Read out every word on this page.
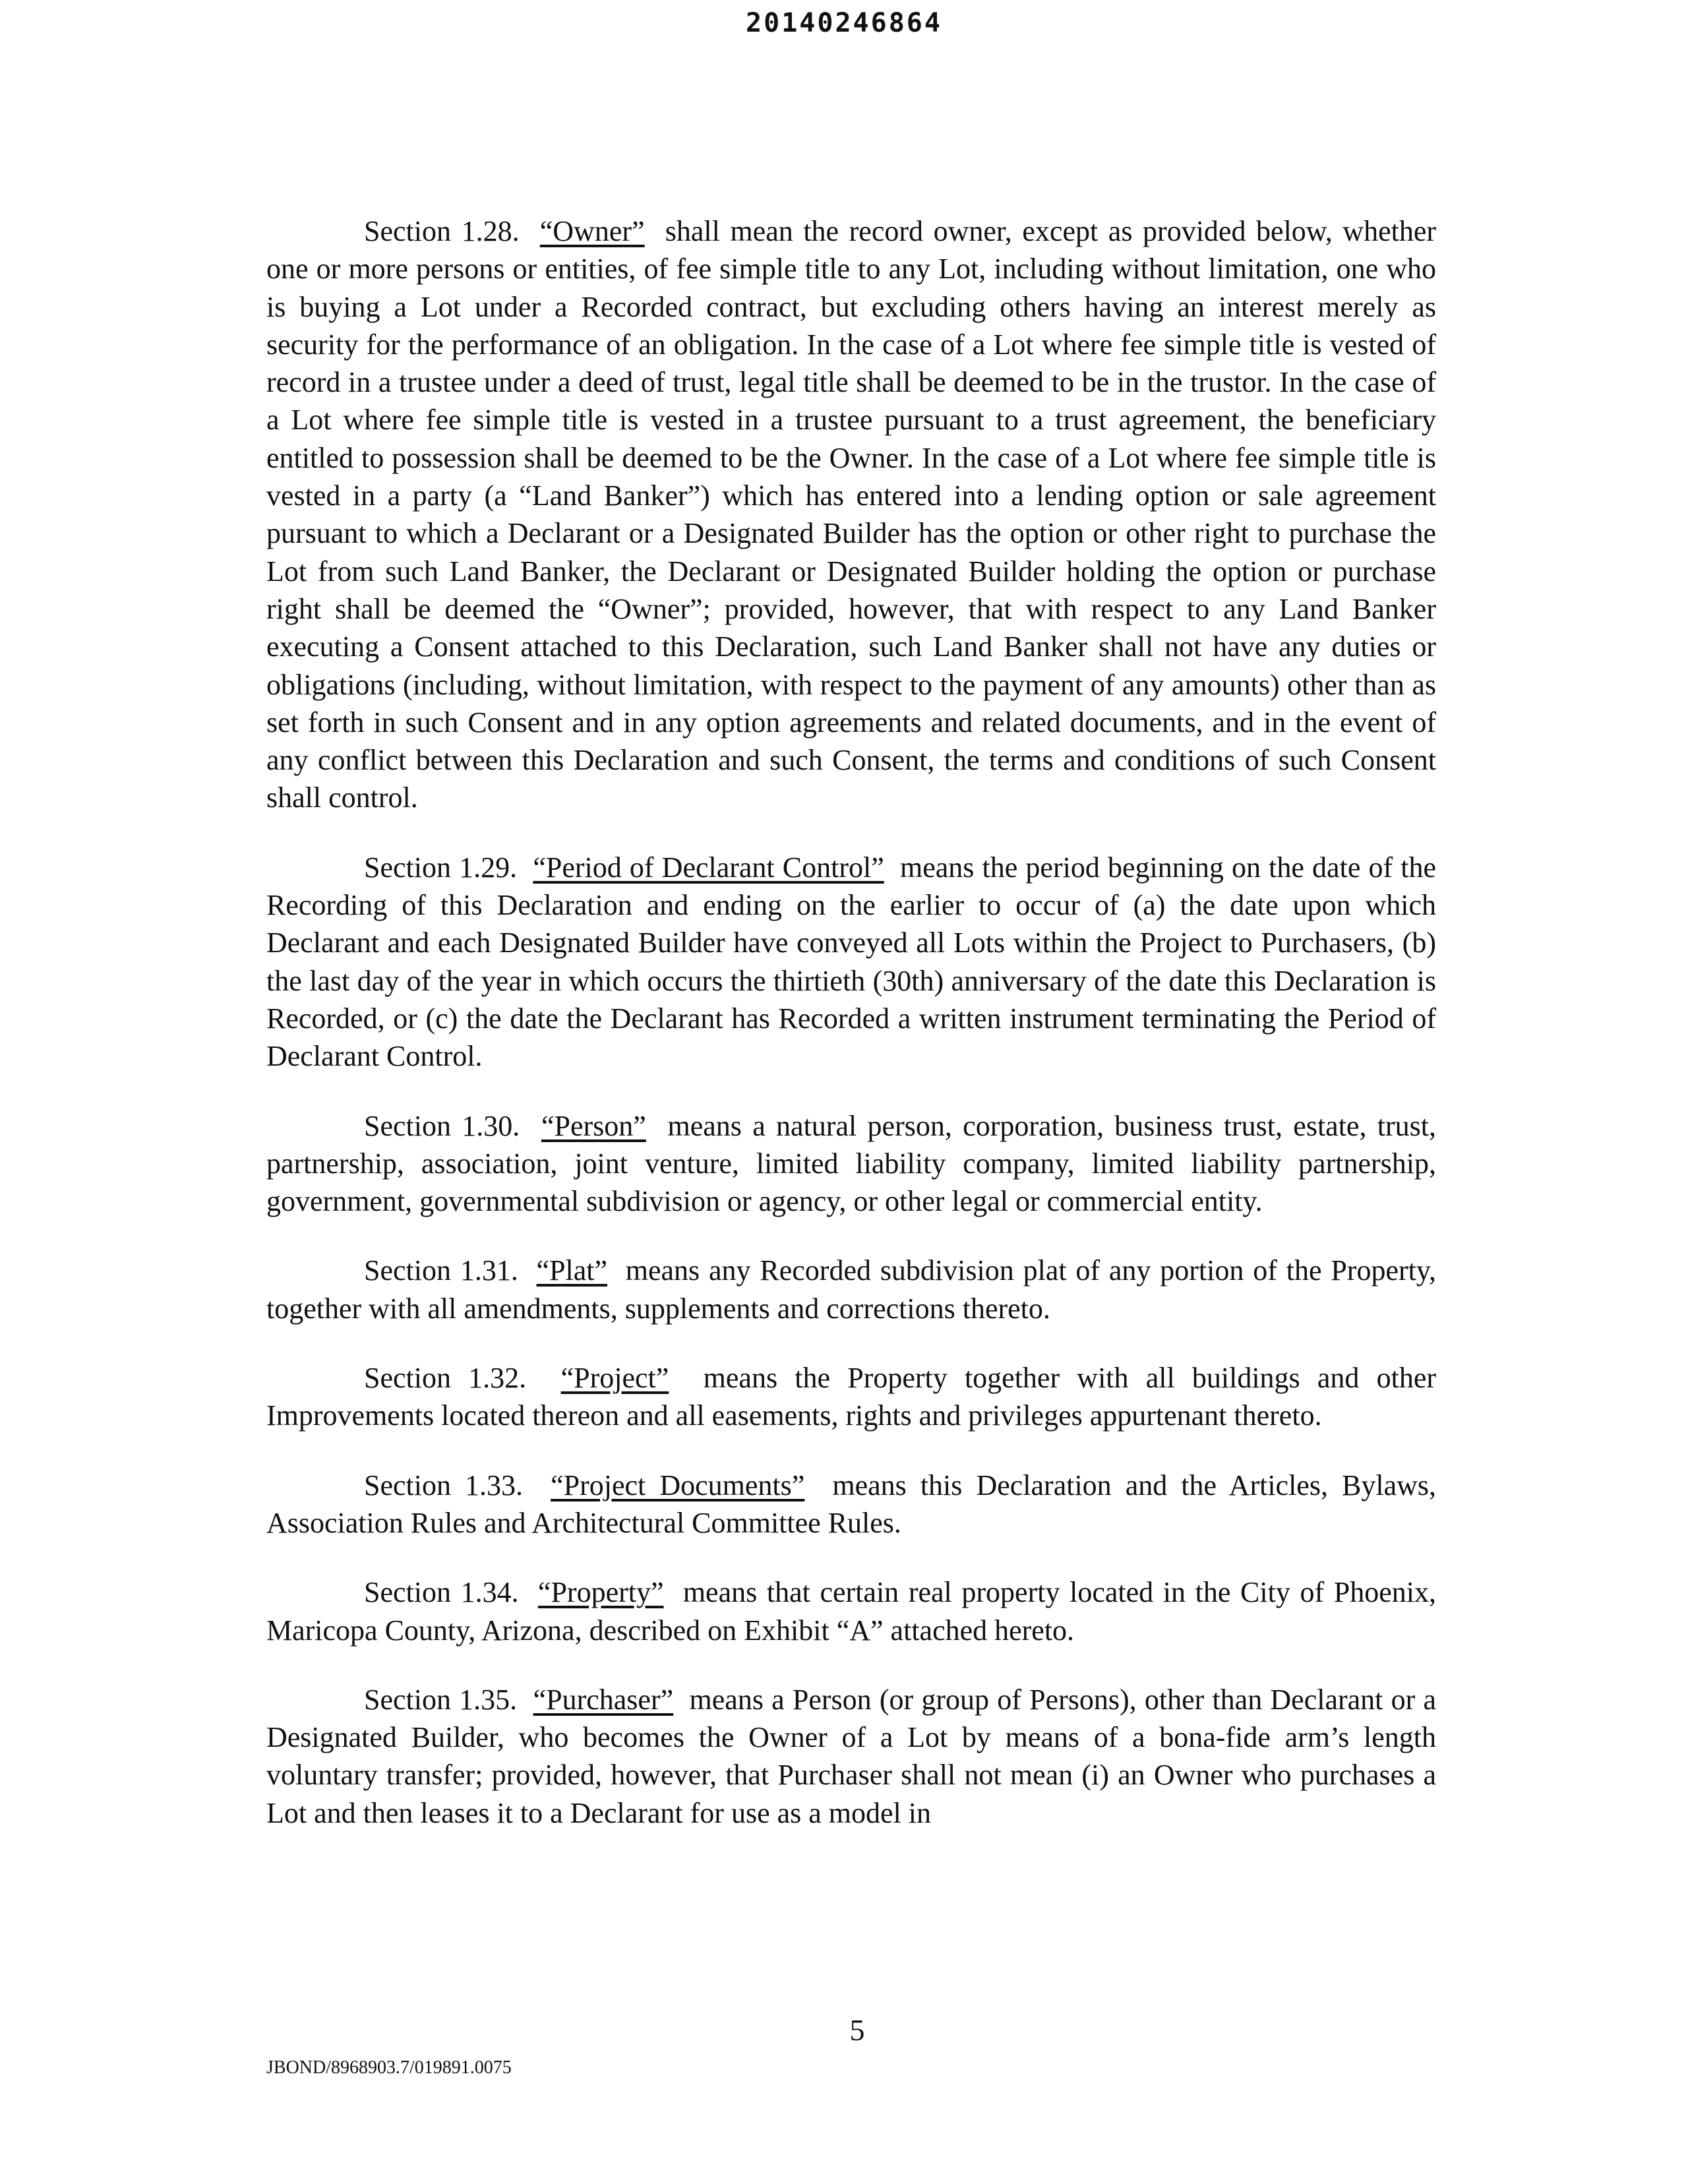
20140246864

Section 1.28. “Owner” shall mean the record owner, except as provided below, whether one or more persons or entities, of fee simple title to any Lot, including without limitation, one who is buying a Lot under a Recorded contract, but excluding others having an interest merely as security for the performance of an obligation. In the case of a Lot where fee simple title is vested of record in a trustee under a deed of trust, legal title shall be deemed to be in the trustor. In the case of a Lot where fee simple title is vested in a trustee pursuant to a trust agreement, the beneficiary entitled to possession shall be deemed to be the Owner. In the case of a Lot where fee simple title is vested in a party (a “Land Banker”) which has entered into a lending option or sale agreement pursuant to which a Declarant or a Designated Builder has the option or other right to purchase the Lot from such Land Banker, the Declarant or Designated Builder holding the option or purchase right shall be deemed the “Owner”; provided, however, that with respect to any Land Banker executing a Consent attached to this Declaration, such Land Banker shall not have any duties or obligations (including, without limitation, with respect to the payment of any amounts) other than as set forth in such Consent and in any option agreements and related documents, and in the event of any conflict between this Declaration and such Consent, the terms and conditions of such Consent shall control.

Section 1.29. “Period of Declarant Control” means the period beginning on the date of the Recording of this Declaration and ending on the earlier to occur of (a) the date upon which Declarant and each Designated Builder have conveyed all Lots within the Project to Purchasers, (b) the last day of the year in which occurs the thirtieth (30th) anniversary of the date this Declaration is Recorded, or (c) the date the Declarant has Recorded a written instrument terminating the Period of Declarant Control.

Section 1.30. “Person” means a natural person, corporation, business trust, estate, trust, partnership, association, joint venture, limited liability company, limited liability partnership, government, governmental subdivision or agency, or other legal or commercial entity.

Section 1.31. “Plat” means any Recorded subdivision plat of any portion of the Property, together with all amendments, supplements and corrections thereto.

Section 1.32. “Project” means the Property together with all buildings and other Improvements located thereon and all easements, rights and privileges appurtenant thereto.

Section 1.33. “Project Documents” means this Declaration and the Articles, Bylaws, Association Rules and Architectural Committee Rules.

Section 1.34. “Property” means that certain real property located in the City of Phoenix, Maricopa County, Arizona, described on Exhibit “A” attached hereto.

Section 1.35. “Purchaser” means a Person (or group of Persons), other than Declarant or a Designated Builder, who becomes the Owner of a Lot by means of a bona-fide arm’s length voluntary transfer; provided, however, that Purchaser shall not mean (i) an Owner who purchases a Lot and then leases it to a Declarant for use as a model in

5
JBOND/8968903.7/019891.0075
